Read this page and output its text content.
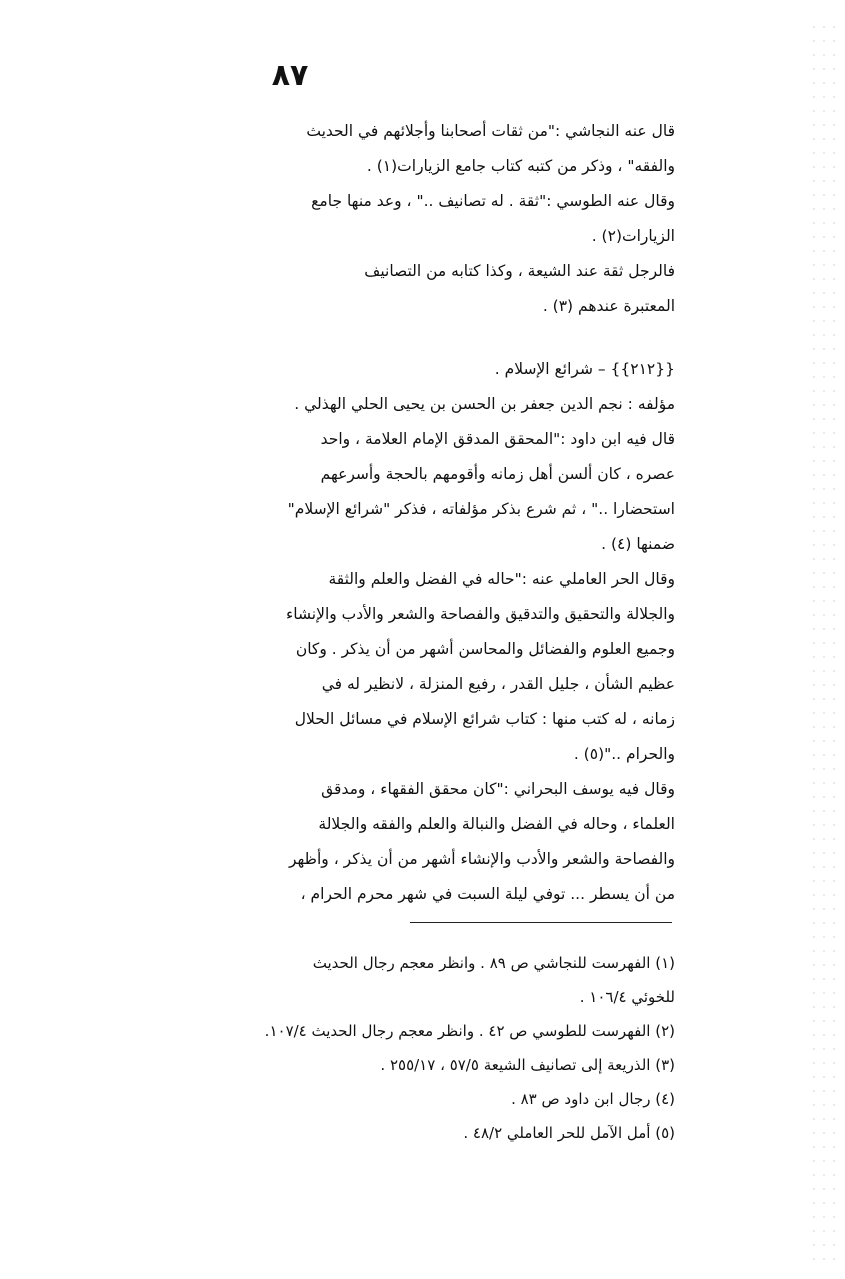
٨٧
قال عنه النجاشي :"من ثقات أصحابنا وأجلائهم في الحديث
والفقه" ، وذكر من كتبه كتاب جامع الزيارات(١) .
وقال عنه الطوسي :"ثقة . له تصانيف .." ، وعد منها جامع
الزيارات(٢) .
فالرجل ثقة عند الشيعة ، وكذا كتابه من التصانيف
المعتبرة عندهم (٣) .
{{٢١٢}} – شرائع الإسلام .
مؤلفه : نجم الدين جعفر بن الحسن بن يحيى الحلي الهذلي .
قال فيه ابن داود :"المحقق المدقق الإمام العلامة ، واحد
عصره ، كان ألسن أهل زمانه وأقومهم بالحجة وأسرعهم
استحضارا .." ، ثم شرع بذكر مؤلفاته ، فذكر "شرائع الإسلام"
ضمنها (٤) .
وقال الحر العاملي عنه :"حاله في الفضل والعلم والثقة
والجلالة والتحقيق والتدقيق والفصاحة والشعر والأدب والإنشاء
وجميع العلوم والفضائل والمحاسن أشهر من أن يذكر . وكان
عظيم الشأن ، جليل القدر ، رفيع المنزلة ، لانظير له في
زمانه ، له كتب منها : كتاب شرائع الإسلام في مسائل الحلال
والحرام .."(٥) .
وقال فيه يوسف البحراني :"كان محقق الفقهاء ، ومدقق
العلماء ، وحاله في الفضل والنبالة والعلم والفقه والجلالة
والفصاحة والشعر والأدب والإنشاء أشهر من أن يذكر ، وأظهر
من أن يسطر ... توفي ليلة السبت في شهر محرم الحرام ،
(١) الفهرست للنجاشي ص ٨٩ . وانظر معجم رجال الحديث
للخوئي ١٠٦/٤ .
(٢) الفهرست للطوسي ص ٤٢ . وانظر معجم رجال الحديث ١٠٧/٤.
(٣) الذريعة إلى تصانيف الشيعة ٥٧/٥ ، ٢٥٥/١٧ .
(٤) رجال ابن داود ص ٨٣ .
(٥) أمل الآمل للحر العاملي ٤٨/٢ .
